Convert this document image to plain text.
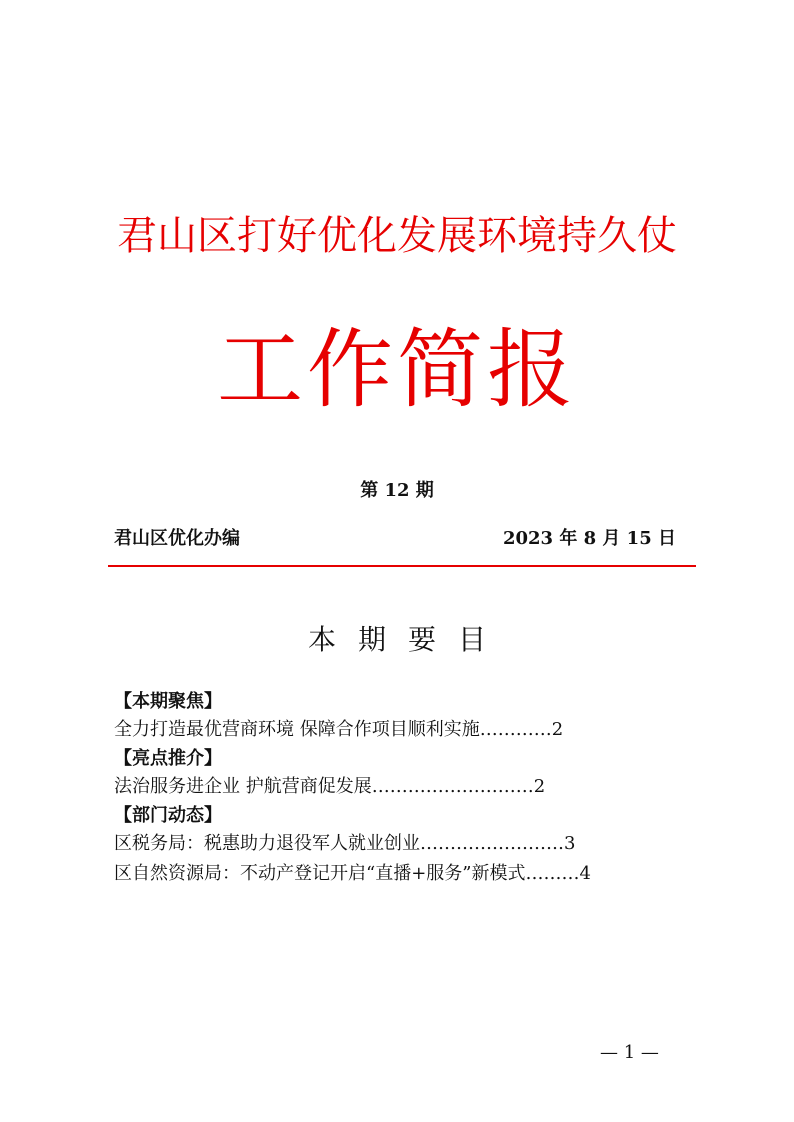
君山区打好优化发展环境持久仗
工作简报
第 12 期
君山区优化办编	2023 年 8 月 15 日
本期要目
【本期聚焦】
全力打造最优营商环境 保障合作项目顺利实施…………2
【亮点推介】
法治服务进企业 护航营商促发展………………………2
【部门动态】
区税务局：税惠助力退役军人就业创业……………………3
区自然资源局：不动产登记开启“直播+服务”新模式………4
— 1 —
